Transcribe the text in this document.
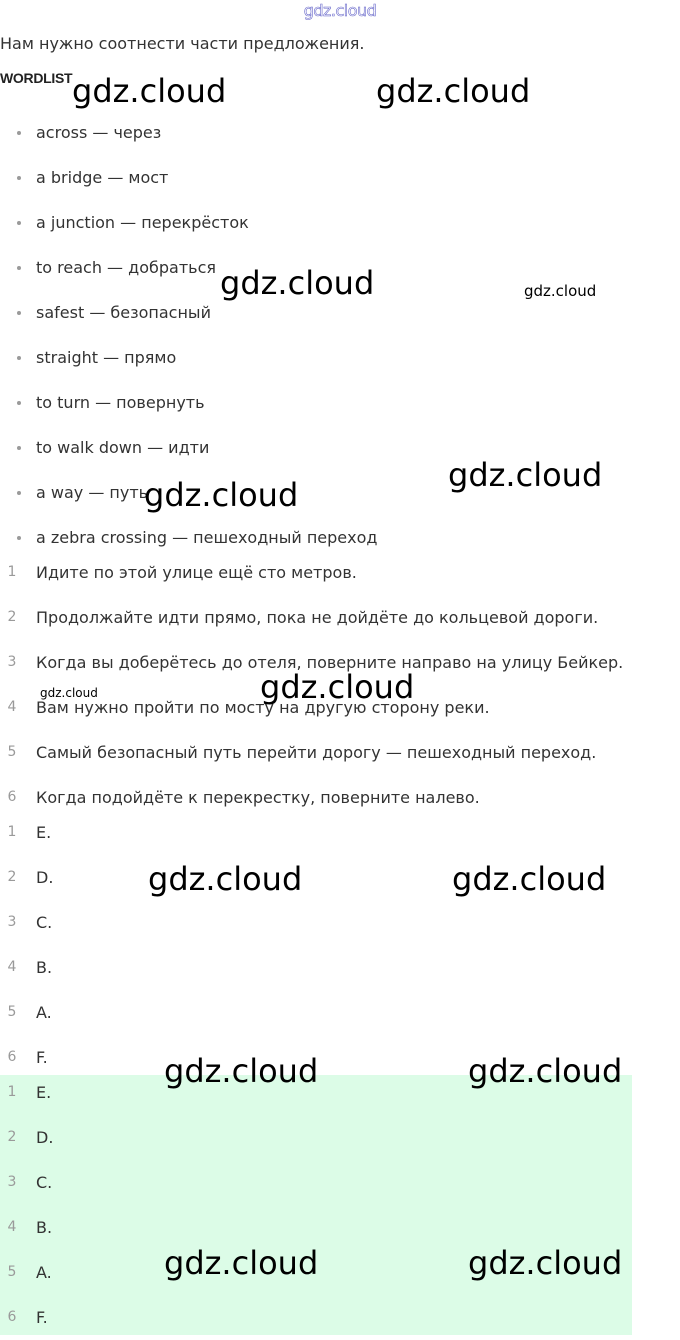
gdz.cloud
Нам нужно соотнести части предложения.
WORDLIST
across — через
a bridge — мост
a junction — перекрёсток
to reach — добраться
safest — безопасный
straight — прямо
to turn — повернуть
to walk down — идти
a way — путь
a zebra crossing — пешеходный переход
1	Идите по этой улице ещё сто метров.
2	Продолжайте идти прямо, пока не дойдёте до кольцевой дороги.
3	Когда вы доберётесь до отеля, поверните направо на улицу Бейкер.
4	Вам нужно пройти по мосту на другую сторону реки.
5	Самый безопасный путь перейти дорогу — пешеходный переход.
6	Когда подойдёте к перекрестку, поверните налево.
1	E.
2	D.
3	C.
4	B.
5	A.
6	F.
1	E.
2	D.
3	C.
4	B.
5	A.
6	F.
gdz.cloud	gdz.cloud
gdz.cloud	gdz.cloud
gdz.cloud
gdz.cloud
gdz.cloud
gdz.cloud
gdz.cloud	gdz.cloud
gdz.cloud	gdz.cloud
gdz.cloud	gdz.cloud
